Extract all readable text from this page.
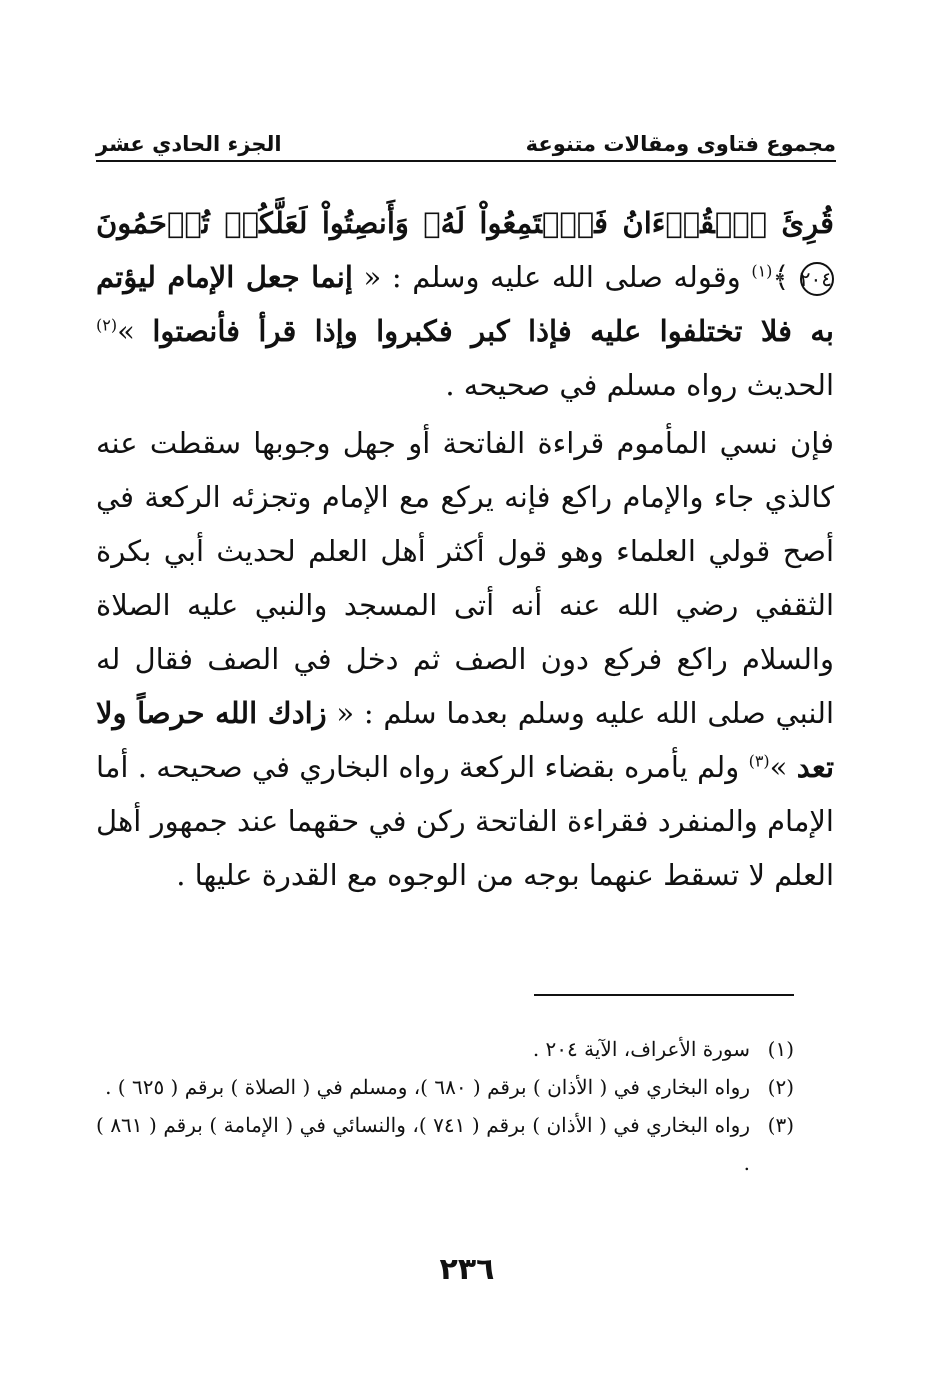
مجموع فتاوى ومقالات متنوعة
الجزء الحادي عشر

قُرِئَ ٱلۡقُرۡءَانُ فَٱسۡتَمِعُواْ لَهُۥ وَأَنصِتُواْ لَعَلَّكُمۡ تُرۡحَمُونَ ٢٠٤ ﴾$^{(١)}$ وقوله صلى الله عليه وسلم : « إنما جعل الإمام ليؤتم به فلا تختلفوا عليه فإذا كبر فكبروا وإذا قرأ فأنصتوا »$^{(٢)}$ الحديث رواه مسلم في صحيحه .

فإن نسي المأموم قراءة الفاتحة أو جهل وجوبها سقطت عنه كالذي جاء والإمام راكع فإنه يركع مع الإمام وتجزئه الركعة في أصح قولي العلماء وهو قول أكثر أهل العلم لحديث أبي بكرة الثقفي رضي الله عنه أنه أتى المسجد والنبي عليه الصلاة والسلام راكع فركع دون الصف ثم دخل في الصف فقال له النبي صلى الله عليه وسلم بعدما سلم : « زادك الله حرصاً ولا تعد »$^{(٣)}$ ولم يأمره بقضاء الركعة رواه البخاري في صحيحه . أما الإمام والمنفرد فقراءة الفاتحة ركن في حقهما عند جمهور أهل العلم لا تسقط عنهما بوجه من الوجوه مع القدرة عليها .

(١)
سورة الأعراف، الآية ٢٠٤ .
(٢)
رواه البخاري في ( الأذان ) برقم ( ٦٨٠ )، ومسلم في ( الصلاة ) برقم ( ٦٢٥ ) .
(٣)
رواه البخاري في ( الأذان ) برقم ( ٧٤١ )، والنسائي في ( الإمامة ) برقم ( ٨٦١ ) .
٢٣٦
